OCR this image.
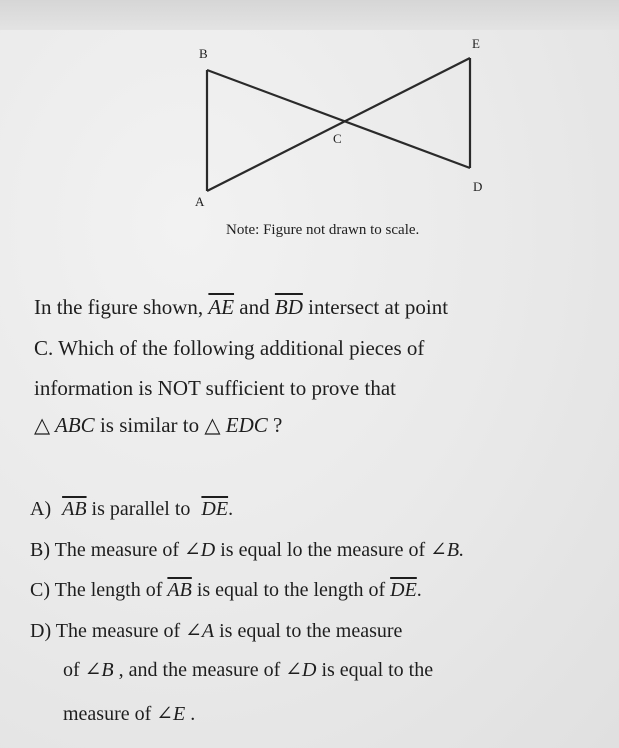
B
E
C
D
A
Note: Figure not drawn to scale.
In the figure shown, $\overline{AE}$ and $\overline{BD}$ intersect at point
C. Which of the following additional pieces of
information is NOT sufficient to prove that
△ ABC is similar to △ EDC ?
A) $\overline{AB}$ is parallel to $\overline{DE}$.
B) The measure of ∠D is equal lo the measure of ∠B.
C) The length of $\overline{AB}$ is equal to the length of $\overline{DE}$.
D) The measure of ∠A is equal to the measure
of ∠B , and the measure of ∠D is equal to the
measure of ∠E .
